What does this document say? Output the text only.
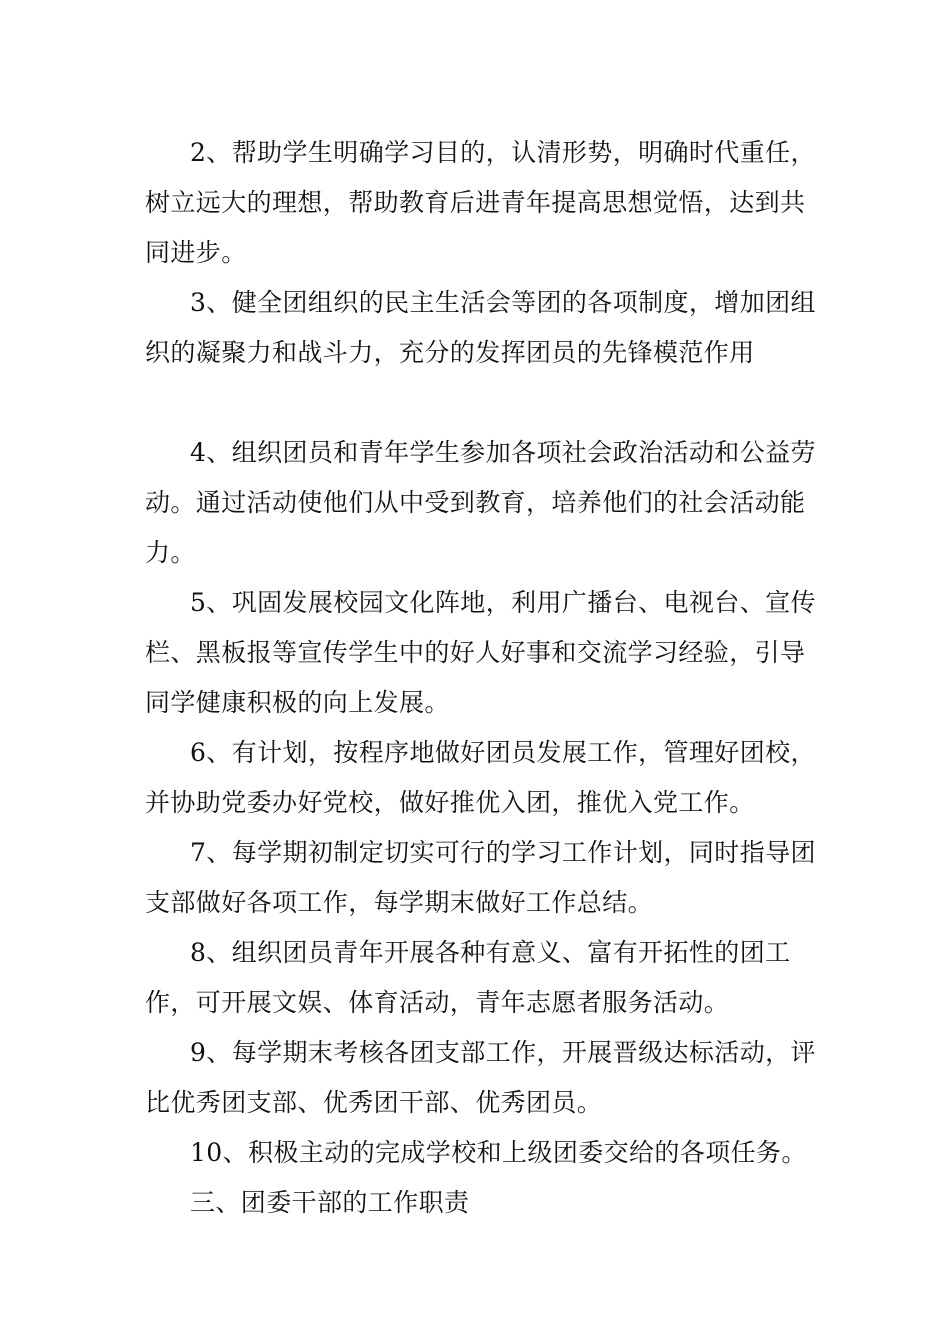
2、帮助学生明确学习目的，认清形势，明确时代重任，树立远大的理想，帮助教育后进青年提高思想觉悟，达到共同进步。

3、健全团组织的民主生活会等团的各项制度，增加团组织的凝聚力和战斗力，充分的发挥团员的先锋模范作用

4、组织团员和青年学生参加各项社会政治活动和公益劳动。通过活动使他们从中受到教育，培养他们的社会活动能力。

5、巩固发展校园文化阵地，利用广播台、电视台、宣传栏、黑板报等宣传学生中的好人好事和交流学习经验，引导同学健康积极的向上发展。

6、有计划，按程序地做好团员发展工作，管理好团校，并协助党委办好党校，做好推优入团，推优入党工作。

7、每学期初制定切实可行的学习工作计划，同时指导团支部做好各项工作，每学期末做好工作总结。

8、组织团员青年开展各种有意义、富有开拓性的团工作，可开展文娱、体育活动，青年志愿者服务活动。

9、每学期末考核各团支部工作，开展晋级达标活动，评比优秀团支部、优秀团干部、优秀团员。

10、积极主动的完成学校和上级团委交给的各项任务。

三、团委干部的工作职责
